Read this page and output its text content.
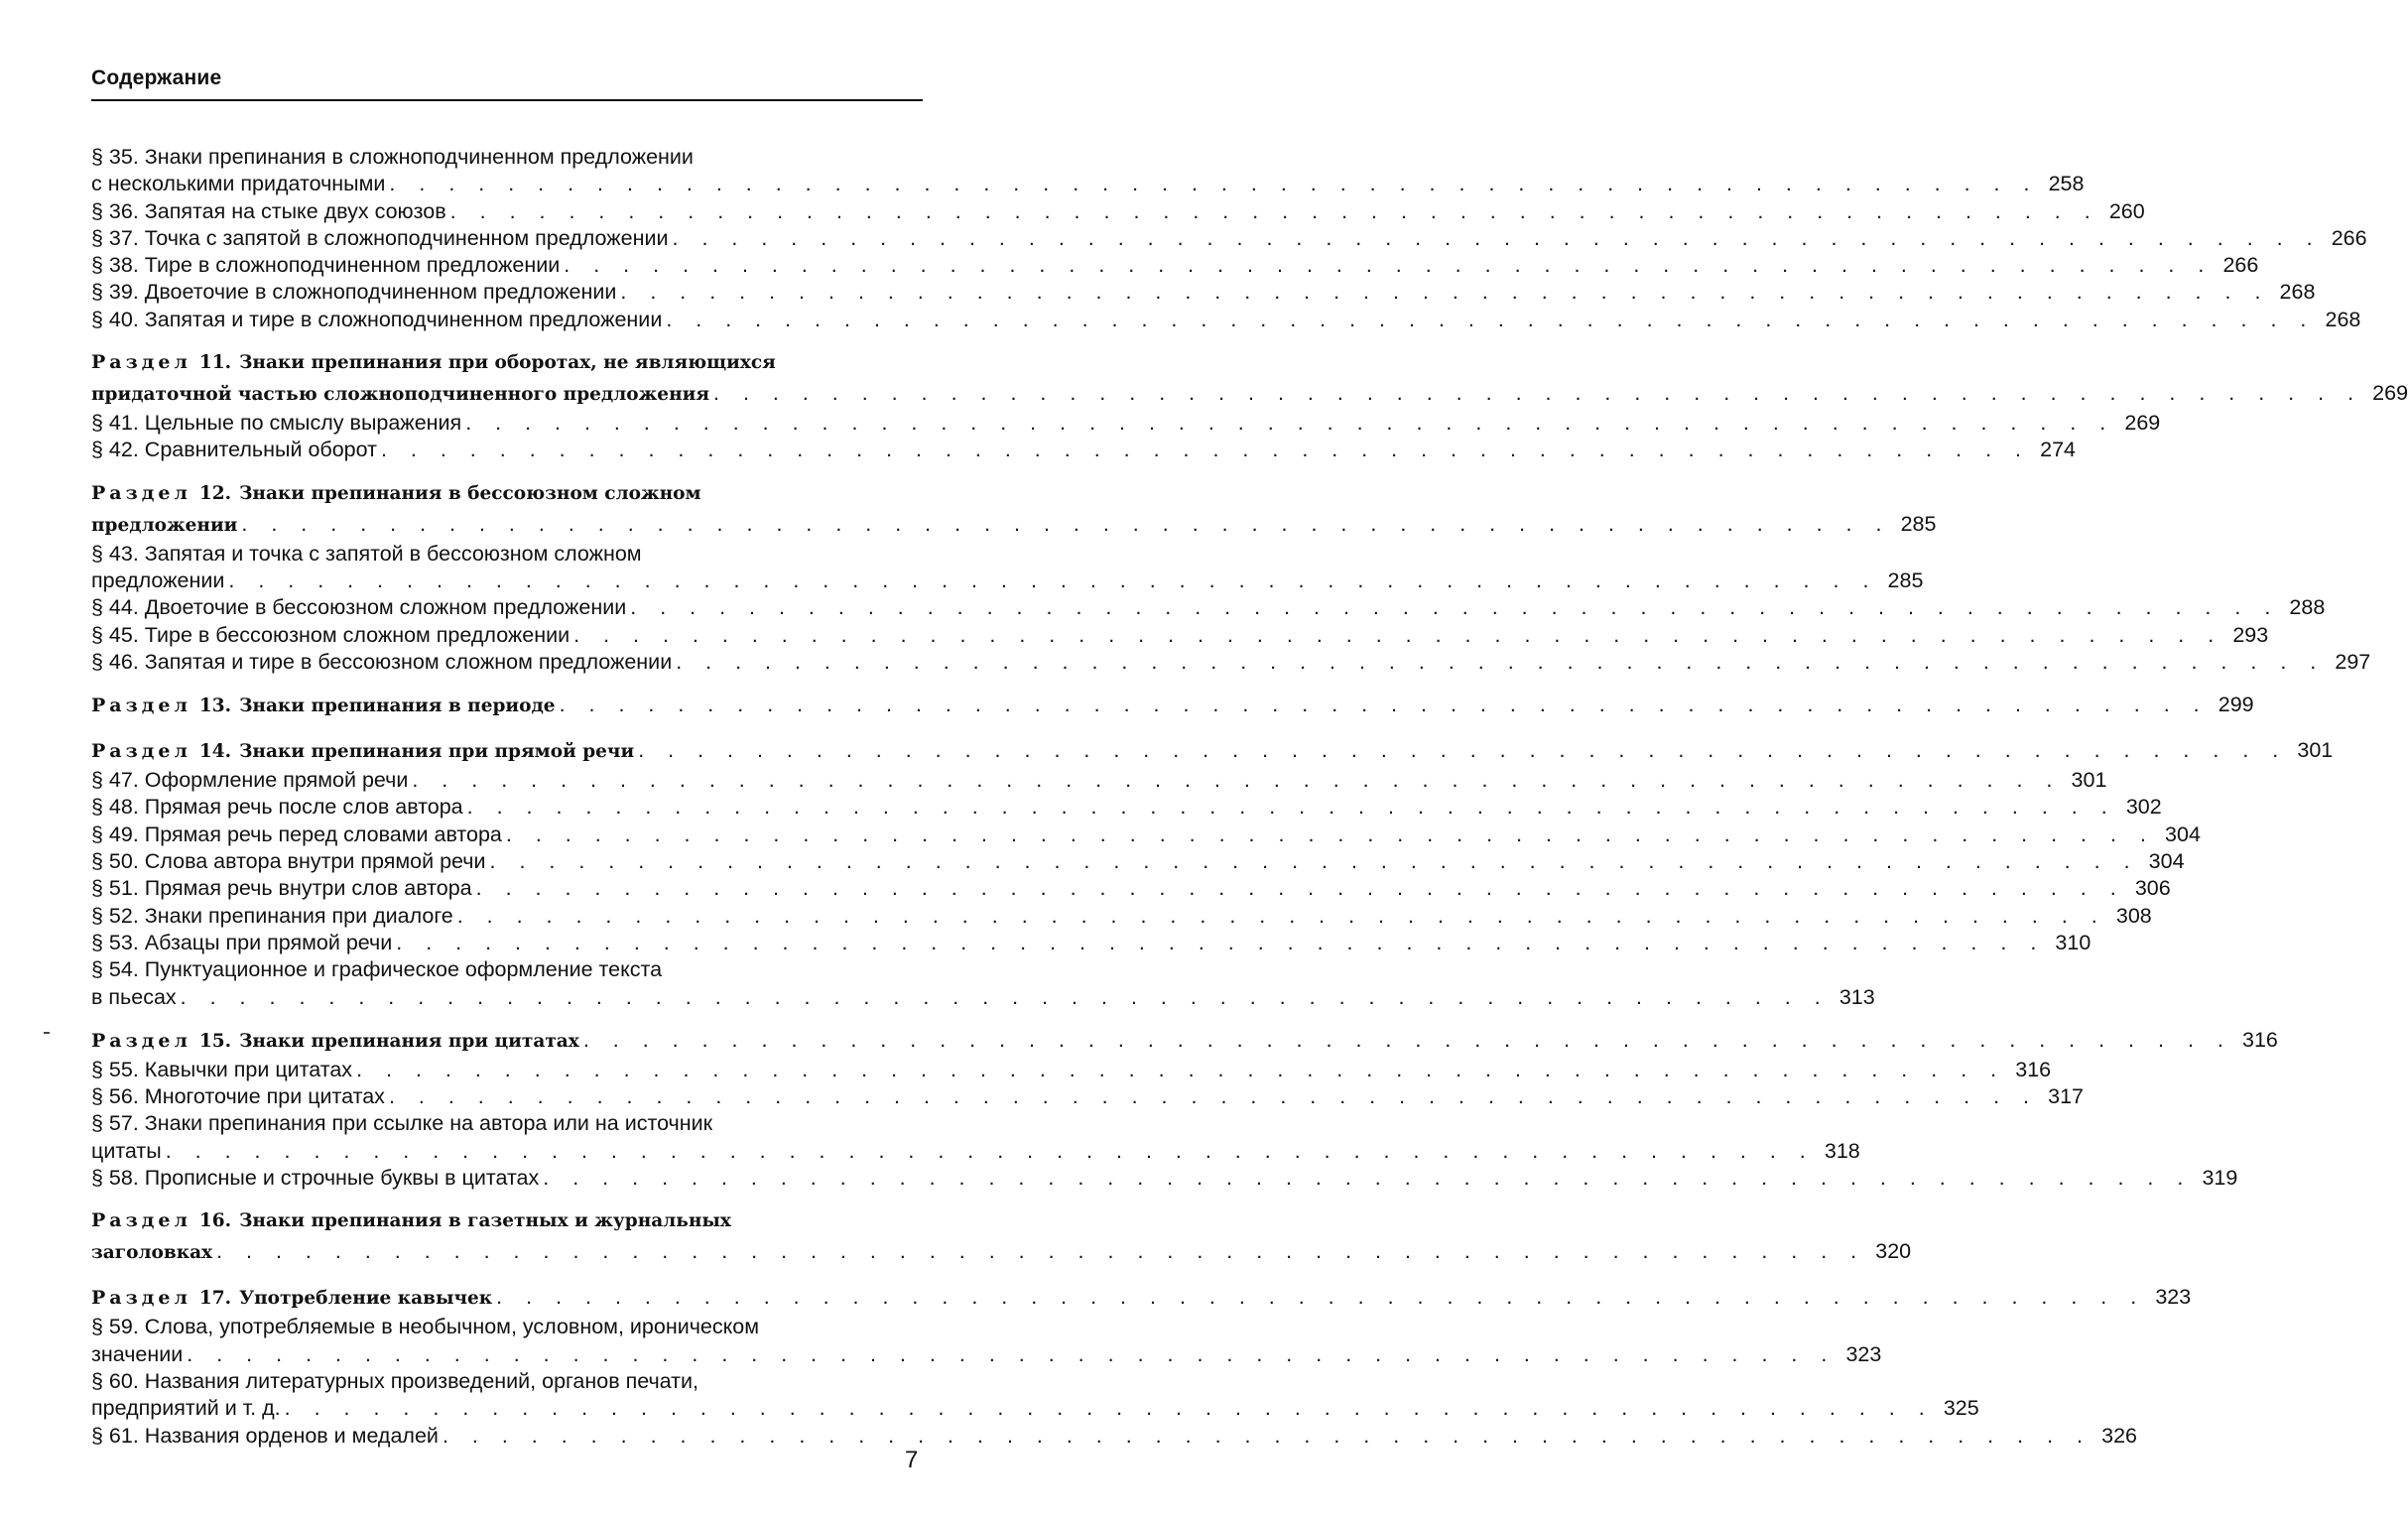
Содержание
§ 35. Знаки препинания в сложноподчиненном предложении
с несколькими придаточными . . . . . . . . . . . . . . . . . . . . . . . . . . . . . . . . . . . . . . . . . . . . . . . . . . . . . . . . 258
§ 36. Запятая на стыке двух союзов . . . . . . . . . . . . . . . . . . . . . . . . . . . . . . . . . . . . . . . . . . . . . . . . . . . . . . . . 260
§ 37. Точка с запятой в сложноподчиненном предложении . . . . . . . . . . . . . . . . . . . . . . . . . . . . . . . . . . . . . . . . . . . . . . . . . . . . . . . . 266
§ 38. Тире в сложноподчиненном предложении . . . . . . . . . . . . . . . . . . . . . . . . . . . . . . . . . . . . . . . . . . . . . . . . . . . . . . . . 266
§ 39. Двоеточие в сложноподчиненном предложении . . . . . . . . . . . . . . . . . . . . . . . . . . . . . . . . . . . . . . . . . . . . . . . . . . . . . . . . 268
§ 40. Запятая и тире в сложноподчиненном предложении . . . . . . . . . . . . . . . . . . . . . . . . . . . . . . . . . . . . . . . . . . . . . . . . . . . . . . . . 268
Раздел 11. Знаки препинания при оборотах, не являющихся
придаточной частью сложноподчиненного предложения . . . . . . . . . . . . . . . . . . . . . . . . . . . . . . . . . . . . . . . . . . . . . . . . . . . . . . . . 269
§ 41. Цельные по смыслу выражения . . . . . . . . . . . . . . . . . . . . . . . . . . . . . . . . . . . . . . . . . . . . . . . . . . . . . . . . 269
§ 42. Сравнительный оборот . . . . . . . . . . . . . . . . . . . . . . . . . . . . . . . . . . . . . . . . . . . . . . . . . . . . . . . . 274
Раздел 12. Знаки препинания в бессоюзном сложном
предложении . . . . . . . . . . . . . . . . . . . . . . . . . . . . . . . . . . . . . . . . . . . . . . . . . . . . . . . . 285
§ 43. Запятая и точка с запятой в бессоюзном сложном
предложении . . . . . . . . . . . . . . . . . . . . . . . . . . . . . . . . . . . . . . . . . . . . . . . . . . . . . . . . 285
§ 44. Двоеточие в бессоюзном сложном предложении . . . . . . . . . . . . . . . . . . . . . . . . . . . . . . . . . . . . . . . . . . . . . . . . . . . . . . . . 288
§ 45. Тире в бессоюзном сложном предложении . . . . . . . . . . . . . . . . . . . . . . . . . . . . . . . . . . . . . . . . . . . . . . . . . . . . . . . . 293
§ 46. Запятая и тире в бессоюзном сложном предложении . . . . . . . . . . . . . . . . . . . . . . . . . . . . . . . . . . . . . . . . . . . . . . . . . . . . . . . . 297
Раздел 13. Знаки препинания в периоде . . . . . . . . . . . . . . . . . . . . . . . . . . . . . . . . . . . . . . . . . . . . . . . . . . . . . . . . 299
Раздел 14. Знаки препинания при прямой речи . . . . . . . . . . . . . . . . . . . . . . . . . . . . . . . . . . . . . . . . . . . . . . . . . . . . . . . . 301
§ 47. Оформление прямой речи . . . . . . . . . . . . . . . . . . . . . . . . . . . . . . . . . . . . . . . . . . . . . . . . . . . . . . . . 301
§ 48. Прямая речь после слов автора . . . . . . . . . . . . . . . . . . . . . . . . . . . . . . . . . . . . . . . . . . . . . . . . . . . . . . . . 302
§ 49. Прямая речь перед словами автора . . . . . . . . . . . . . . . . . . . . . . . . . . . . . . . . . . . . . . . . . . . . . . . . . . . . . . . . 304
§ 50. Слова автора внутри прямой речи . . . . . . . . . . . . . . . . . . . . . . . . . . . . . . . . . . . . . . . . . . . . . . . . . . . . . . . . 304
§ 51. Прямая речь внутри слов автора . . . . . . . . . . . . . . . . . . . . . . . . . . . . . . . . . . . . . . . . . . . . . . . . . . . . . . . . 306
§ 52. Знаки препинания при диалоге . . . . . . . . . . . . . . . . . . . . . . . . . . . . . . . . . . . . . . . . . . . . . . . . . . . . . . . . 308
§ 53. Абзацы при прямой речи . . . . . . . . . . . . . . . . . . . . . . . . . . . . . . . . . . . . . . . . . . . . . . . . . . . . . . . . 310
§ 54. Пунктуационное и графическое оформление текста
в пьесах . . . . . . . . . . . . . . . . . . . . . . . . . . . . . . . . . . . . . . . . . . . . . . . . . . . . . . . . 313
Раздел 15. Знаки препинания при цитатах . . . . . . . . . . . . . . . . . . . . . . . . . . . . . . . . . . . . . . . . . . . . . . . . . . . . . . . . 316
§ 55. Кавычки при цитатах . . . . . . . . . . . . . . . . . . . . . . . . . . . . . . . . . . . . . . . . . . . . . . . . . . . . . . . . 316
§ 56. Многоточие при цитатах . . . . . . . . . . . . . . . . . . . . . . . . . . . . . . . . . . . . . . . . . . . . . . . . . . . . . . . . 317
§ 57. Знаки препинания при ссылке на автора или на источник
цитаты . . . . . . . . . . . . . . . . . . . . . . . . . . . . . . . . . . . . . . . . . . . . . . . . . . . . . . . . 318
§ 58. Прописные и строчные буквы в цитатах . . . . . . . . . . . . . . . . . . . . . . . . . . . . . . . . . . . . . . . . . . . . . . . . . . . . . . . . 319
Раздел 16. Знаки препинания в газетных и журнальных
заголовках . . . . . . . . . . . . . . . . . . . . . . . . . . . . . . . . . . . . . . . . . . . . . . . . . . . . . . . . 320
Раздел 17. Употребление кавычек . . . . . . . . . . . . . . . . . . . . . . . . . . . . . . . . . . . . . . . . . . . . . . . . . . . . . . . . 323
§ 59. Слова, употребляемые в необычном, условном, ироническом
значении . . . . . . . . . . . . . . . . . . . . . . . . . . . . . . . . . . . . . . . . . . . . . . . . . . . . . . . . 323
§ 60. Названия литературных произведений, органов печати,
предприятий и т. д. . . . . . . . . . . . . . . . . . . . . . . . . . . . . . . . . . . . . . . . . . . . . . . . . . . . . . . . . 325
§ 61. Названия орденов и медалей . . . . . . . . . . . . . . . . . . . . . . . . . . . . . . . . . . . . . . . . . . . . . . . . . . . . . . . . 326
7
